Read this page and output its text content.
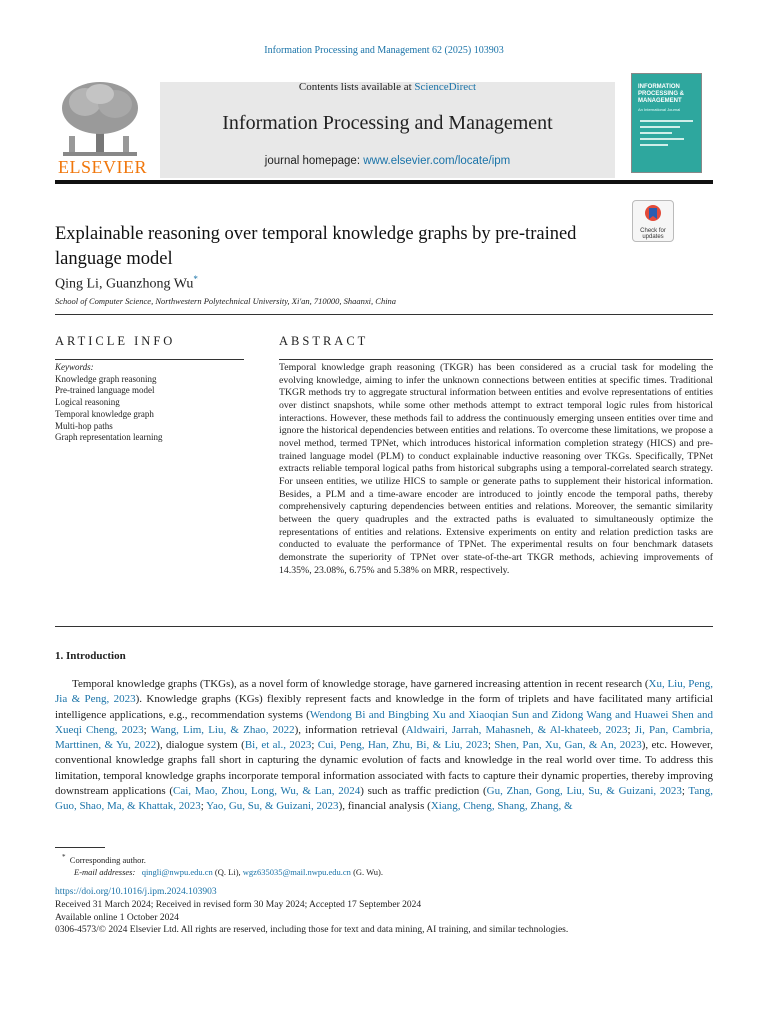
Information Processing and Management 62 (2025) 103903
ELSEVIER
Contents lists available at ScienceDirect
Information Processing and Management
journal homepage: www.elsevier.com/locate/ipm
INFORMATION PROCESSING & MANAGEMENT
An International Journal
Check for updates
Explainable reasoning over temporal knowledge graphs by pre-trained language model
Qing Li, Guanzhong Wu*
School of Computer Science, Northwestern Polytechnical University, Xi'an, 710000, Shaanxi, China
ARTICLE INFO	ABSTRACT
Keywords:
Knowledge graph reasoning
Pre-trained language model
Logical reasoning
Temporal knowledge graph
Multi-hop paths
Graph representation learning
Temporal knowledge graph reasoning (TKGR) has been considered as a crucial task for modeling the evolving knowledge, aiming to infer the unknown connections between entities at specific times. Traditional TKGR methods try to aggregate structural information between entities and evolve representations of entities over distinct snapshots, while some other methods attempt to extract temporal logic rules from historical interactions. However, these methods fail to address the continuously emerging unseen entities over time and ignore the historical dependencies between entities and relations. To overcome these limitations, we propose a novel method, termed TPNet, which introduces historical information completion strategy (HICS) and pre-trained language model (PLM) to conduct explainable inductive reasoning over TKGs. Specifically, TPNet extracts reliable temporal logical paths from historical subgraphs using a temporal-correlated search strategy. For unseen entities, we utilize HICS to sample or generate paths to supplement their historical information. Besides, a PLM and a time-aware encoder are introduced to jointly encode the temporal paths, thereby comprehensively capturing dependencies between entities and relations. Moreover, the semantic similarity between the query quadruples and the extracted paths is evaluated to simultaneously optimize the representations of entities and relations. Extensive experiments on entity and relation prediction tasks are conducted to evaluate the performance of TPNet. The experimental results on four benchmark datasets demonstrate the superiority of TPNet over state-of-the-art TKGR methods, achieving improvements of 14.35%, 23.08%, 6.75% and 5.38% on MRR, respectively.
1. Introduction

Temporal knowledge graphs (TKGs), as a novel form of knowledge storage, have garnered increasing attention in recent research (Xu, Liu, Peng, Jia & Peng, 2023). Knowledge graphs (KGs) flexibly represent facts and knowledge in the form of triplets and have facilitated many artificial intelligence applications, e.g., recommendation systems (Wendong Bi and Bingbing Xu and Xiaoqian Sun and Zidong Wang and Huawei Shen and Xueqi Cheng, 2023; Wang, Lim, Liu, & Zhao, 2022), information retrieval (Aldwairi, Jarrah, Mahasneh, & Al-khateeb, 2023; Ji, Pan, Cambria, Marttinen, & Yu, 2022), dialogue system (Bi, et al., 2023; Cui, Peng, Han, Zhu, Bi, & Liu, 2023; Shen, Pan, Xu, Gan, & An, 2023), etc. However, conventional knowledge graphs fall short in capturing the dynamic evolution of facts and knowledge in the real world over time. To address this limitation, temporal knowledge graphs incorporate temporal information associated with facts to capture their dynamic properties, thereby improving downstream applications (Cai, Mao, Zhou, Long, Wu, & Lan, 2024) such as traffic prediction (Gu, Zhan, Gong, Liu, Su, & Guizani, 2023; Tang, Guo, Shao, Ma, & Khattak, 2023; Yao, Gu, Su, & Guizani, 2023), financial analysis (Xiang, Cheng, Shang, Zhang, &

* Corresponding author.
E-mail addresses: qingli@nwpu.edu.cn (Q. Li), wgz635035@mail.nwpu.edu.cn (G. Wu).
https://doi.org/10.1016/j.ipm.2024.103903
Received 31 March 2024; Received in revised form 30 May 2024; Accepted 17 September 2024
Available online 1 October 2024
0306-4573/© 2024 Elsevier Ltd. All rights are reserved, including those for text and data mining, AI training, and similar technologies.
